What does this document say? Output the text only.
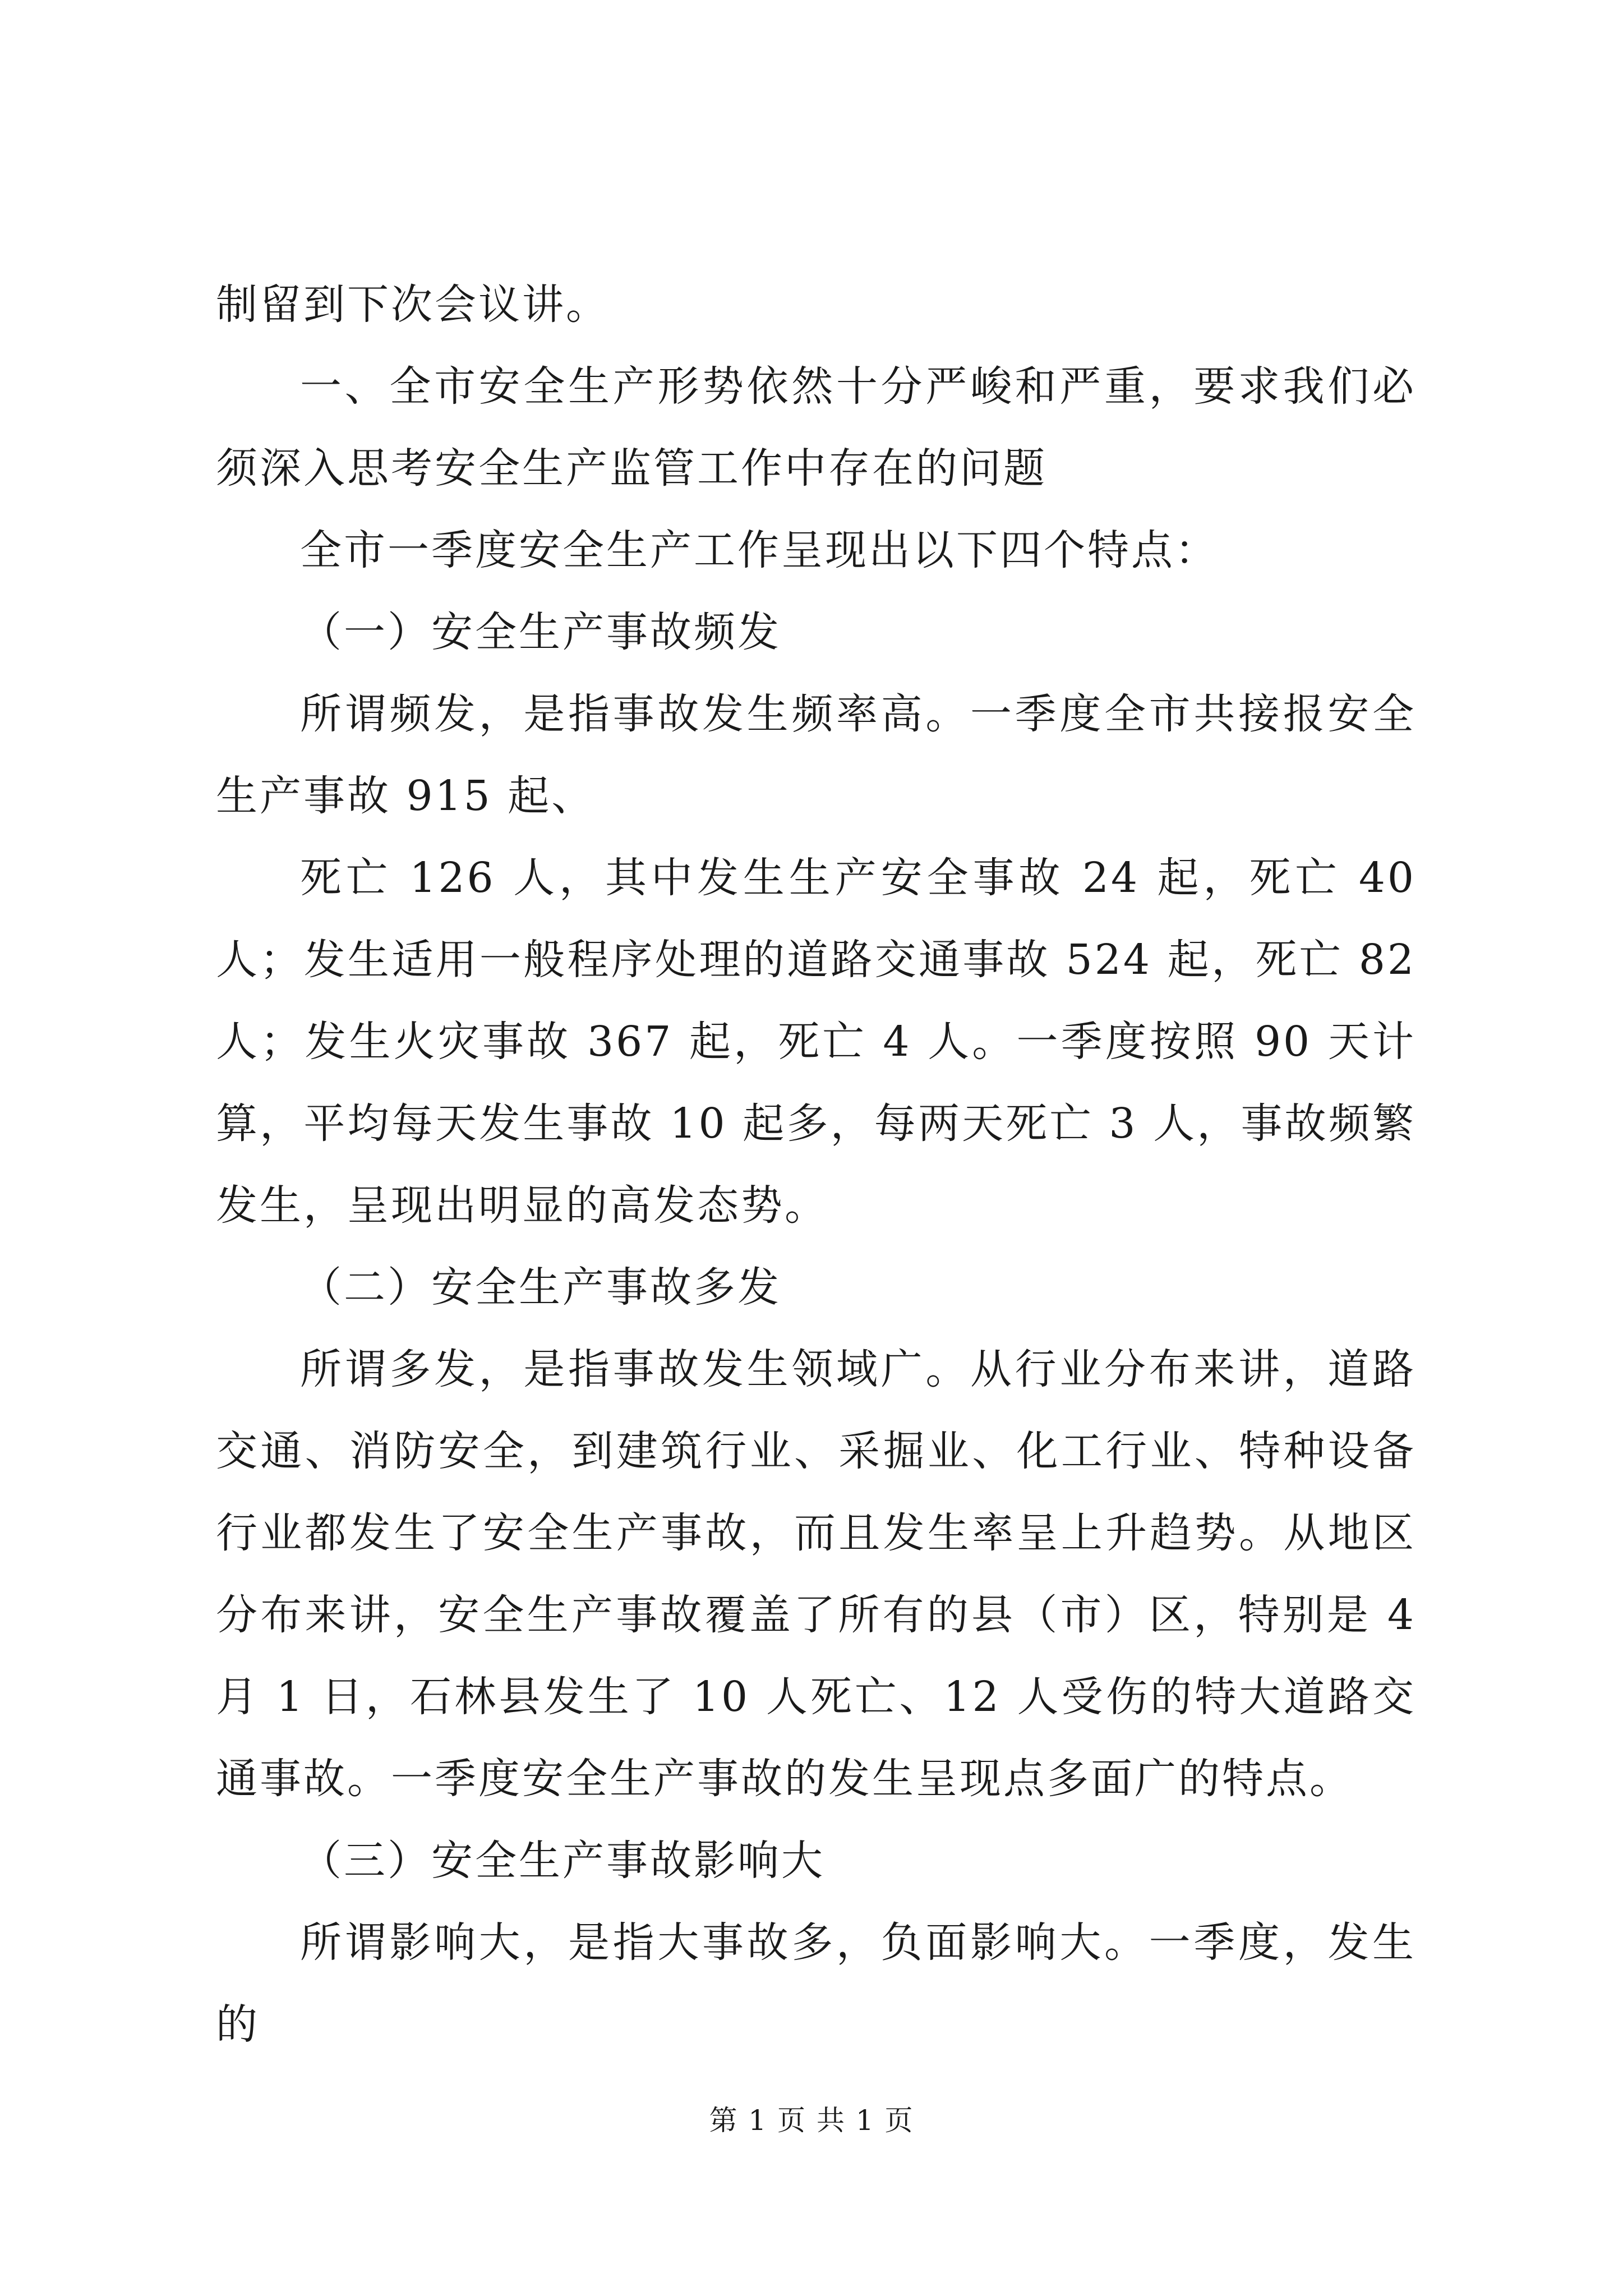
制留到下次会议讲。

一、全市安全生产形势依然十分严峻和严重，要求我们必须深入思考安全生产监管工作中存在的问题

全市一季度安全生产工作呈现出以下四个特点：

（一）安全生产事故频发

所谓频发，是指事故发生频率高。一季度全市共接报安全生产事故 915 起、

死亡 126 人，其中发生生产安全事故 24 起，死亡 40 人；发生适用一般程序处理的道路交通事故 524 起，死亡 82 人；发生火灾事故 367 起，死亡 4 人。一季度按照 90 天计算，平均每天发生事故 10 起多，每两天死亡 3 人，事故频繁发生，呈现出明显的高发态势。

（二）安全生产事故多发

所谓多发，是指事故发生领域广。从行业分布来讲，道路交通、消防安全，到建筑行业、采掘业、化工行业、特种设备行业都发生了安全生产事故，而且发生率呈上升趋势。从地区分布来讲，安全生产事故覆盖了所有的县（市）区，特别是 4 月 1 日，石林县发生了 10 人死亡、12 人受伤的特大道路交通事故。一季度安全生产事故的发生呈现点多面广的特点。

（三）安全生产事故影响大

所谓影响大，是指大事故多，负面影响大。一季度，发生的

第 1 页 共 1 页
